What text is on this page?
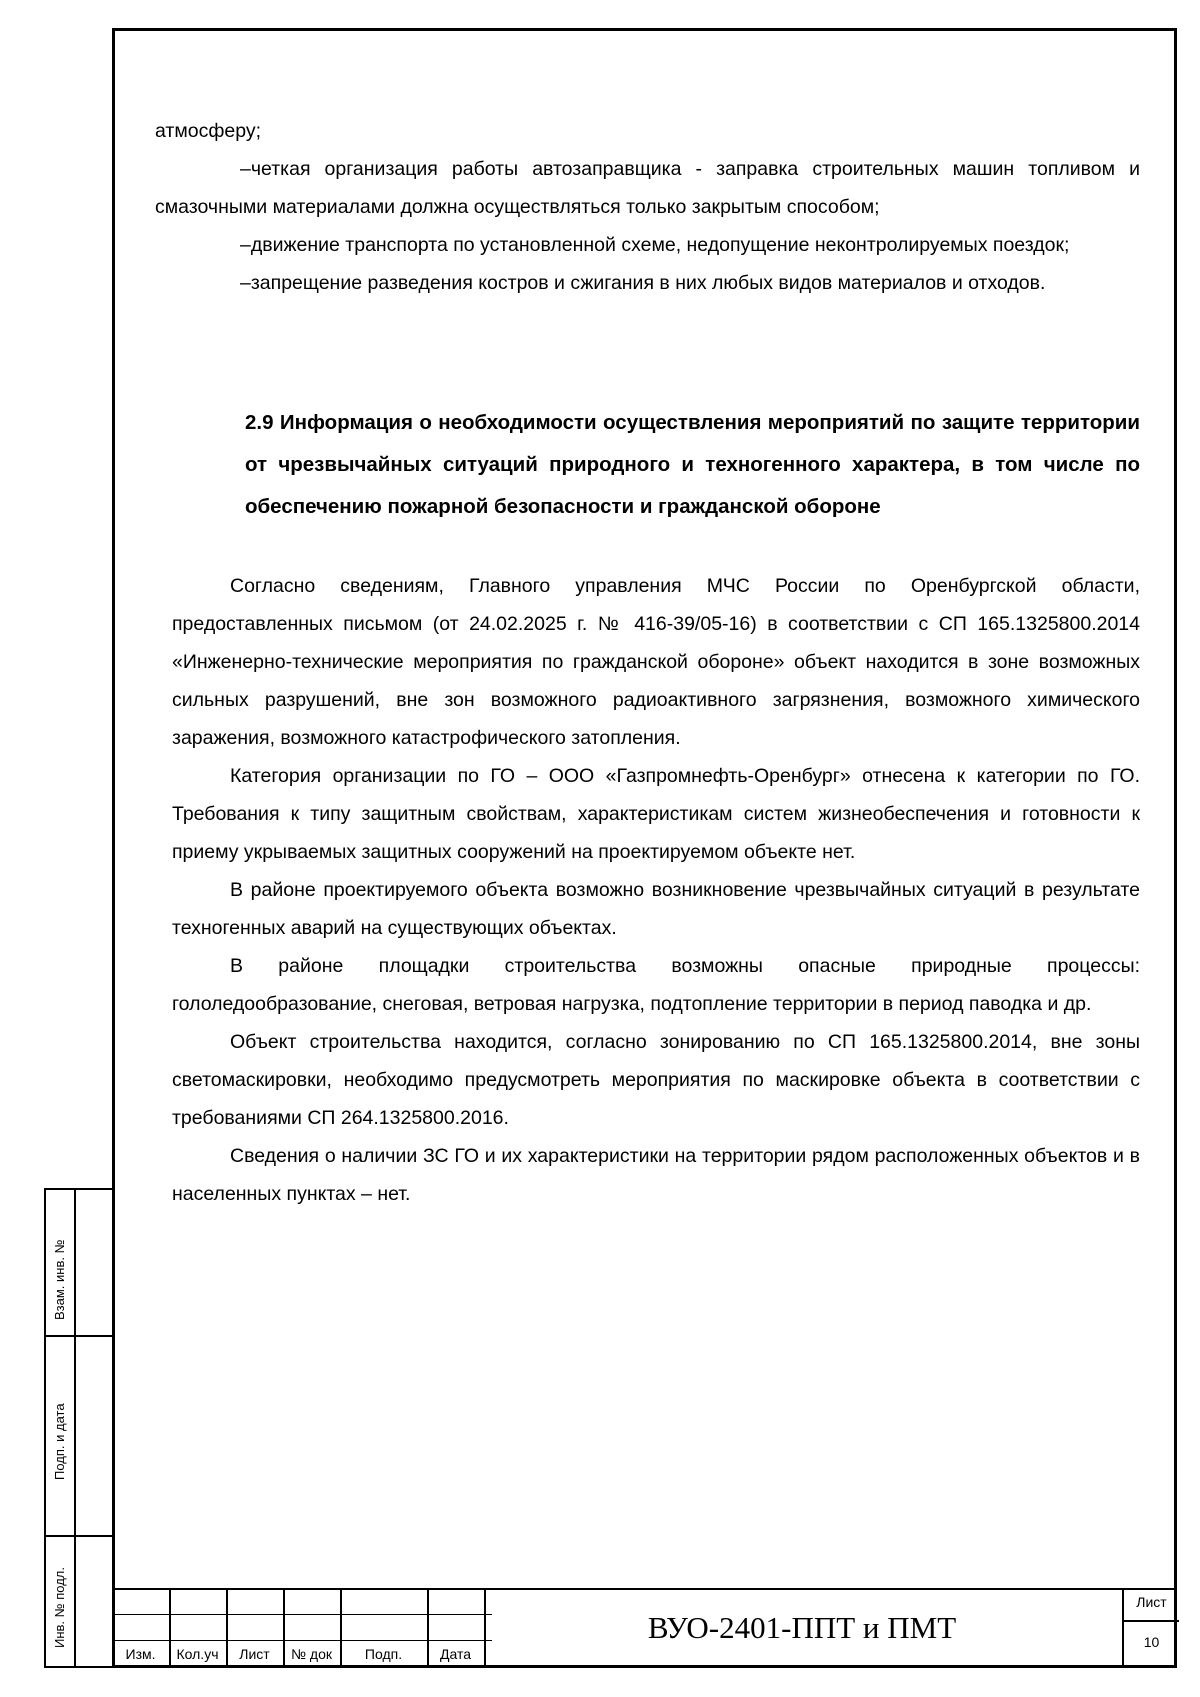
атмосферу;

–четкая организация работы автозаправщика - заправка строительных машин топливом и смазочными материалами должна осуществляться только закрытым способом;

–движение транспорта по установленной схеме, недопущение неконтролируемых поездок;

–запрещение разведения костров и сжигания в них любых видов материалов и отходов.

2.9 Информация о необходимости осуществления мероприятий по защите территории от чрезвычайных ситуаций природного и техногенного характера, в том числе по обеспечению пожарной безопасности и гражданской обороне

Согласно сведениям, Главного управления МЧС России по Оренбургской области, предоставленных письмом (от 24.02.2025 г. № 416-39/05-16) в соответствии с СП 165.1325800.2014 «Инженерно-технические мероприятия по гражданской обороне» объект находится в зоне возможных сильных разрушений, вне зон возможного радиоактивного загрязнения, возможного химического заражения, возможного катастрофического затопления.

Категория организации по ГО – ООО «Газпромнефть-Оренбург» отнесена к категории по ГО. Требования к типу защитным свойствам, характеристикам систем жизнеобеспечения и готовности к приему укрываемых защитных сооружений на проектируемом объекте нет.

В районе проектируемого объекта возможно возникновение чрезвычайных ситуаций в результате техногенных аварий на существующих объектах.

В районе площадки строительства возможны опасные природные процессы: гололедообразование, снеговая, ветровая нагрузка, подтопление территории в период паводка и др.

Объект строительства находится, согласно зонированию по СП 165.1325800.2014, вне зоны светомаскировки, необходимо предусмотреть мероприятия по маскировке объекта в соответствии с требованиями СП 264.1325800.2016.

Сведения о наличии ЗС ГО и их характеристики на территории рядом расположенных объектов и в населенных пунктах – нет.

Взам. инв. №
Подп. и дата
Инв. № подл.
Изм.	Кол.уч	Лист	№ док	Подп.	Дата
ВУО-2401-ППТ и ПМТ
Лист
10
